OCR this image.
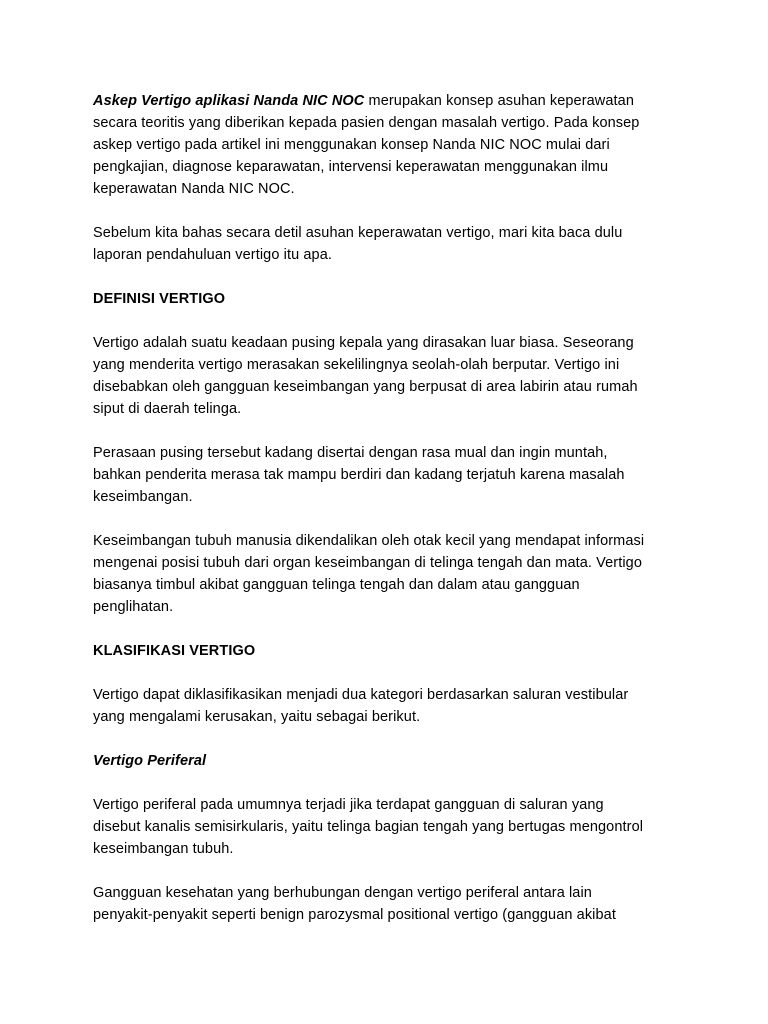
Askep Vertigo aplikasi Nanda NIC NOC merupakan konsep asuhan keperawatan
secara teoritis yang diberikan kepada pasien dengan masalah vertigo. Pada konsep
askep vertigo pada artikel ini menggunakan konsep Nanda NIC NOC mulai dari
pengkajian, diagnose keparawatan, intervensi keperawatan menggunakan ilmu
keperawatan Nanda NIC NOC.

Sebelum kita bahas secara detil asuhan keperawatan vertigo, mari kita baca dulu
laporan pendahuluan vertigo itu apa.

DEFINISI VERTIGO

Vertigo adalah suatu keadaan pusing kepala yang dirasakan luar biasa. Seseorang
yang menderita vertigo merasakan sekelilingnya seolah-olah berputar. Vertigo ini
disebabkan oleh gangguan keseimbangan yang berpusat di area labirin atau rumah
siput di daerah telinga.

Perasaan pusing tersebut kadang disertai dengan rasa mual dan ingin muntah,
bahkan penderita merasa tak mampu berdiri dan kadang terjatuh karena masalah
keseimbangan.

Keseimbangan tubuh manusia dikendalikan oleh otak kecil yang mendapat informasi
mengenai posisi tubuh dari organ keseimbangan di telinga tengah dan mata. Vertigo
biasanya timbul akibat gangguan telinga tengah dan dalam atau gangguan
penglihatan.

KLASIFIKASI VERTIGO

Vertigo dapat diklasifikasikan menjadi dua kategori berdasarkan saluran vestibular
yang mengalami kerusakan, yaitu sebagai berikut.

Vertigo Periferal

Vertigo periferal pada umumnya terjadi jika terdapat gangguan di saluran yang
disebut kanalis semisirkularis, yaitu telinga bagian tengah yang bertugas mengontrol
keseimbangan tubuh.

Gangguan kesehatan yang berhubungan dengan vertigo periferal antara lain
penyakit-penyakit seperti benign parozysmal positional vertigo (gangguan akibat
